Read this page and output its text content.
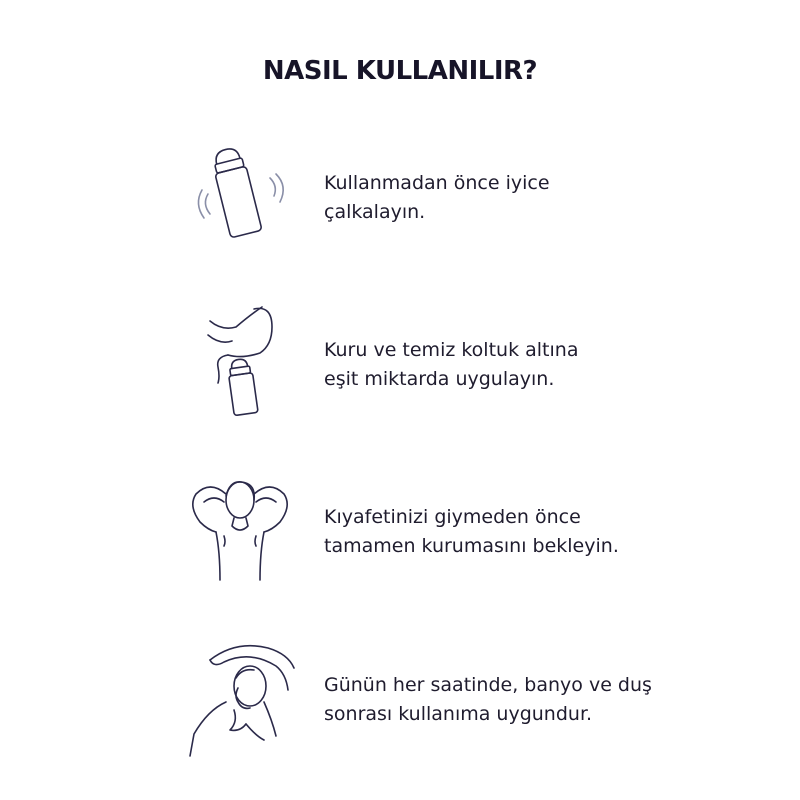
NASIL KULLANILIR?
Kullanmadan önce iyice
çalkalayın.
Kuru ve temiz koltuk altına
eşit miktarda uygulayın.
Kıyafetinizi giymeden önce
tamamen kurumasını bekleyin.
Günün her saatinde, banyo ve duş
sonrası kullanıma uygundur.
